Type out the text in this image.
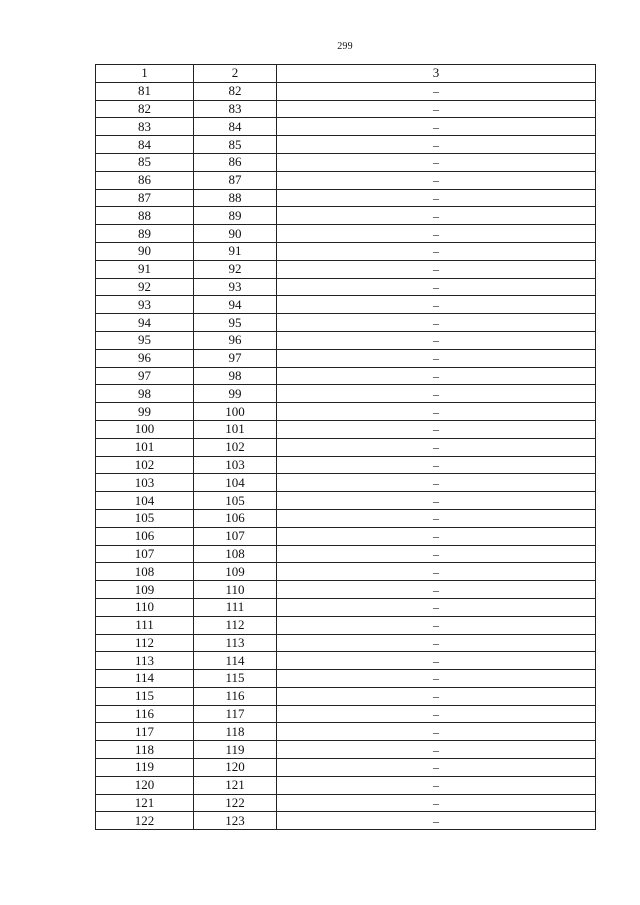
299
1	2	3
81	82	–
82	83	–
83	84	–
84	85	–
85	86	–
86	87	–
87	88	–
88	89	–
89	90	–
90	91	–
91	92	–
92	93	–
93	94	–
94	95	–
95	96	–
96	97	–
97	98	–
98	99	–
99	100	–
100	101	–
101	102	–
102	103	–
103	104	–
104	105	–
105	106	–
106	107	–
107	108	–
108	109	–
109	110	–
110	111	–
111	112	–
112	113	–
113	114	–
114	115	–
115	116	–
116	117	–
117	118	–
118	119	–
119	120	–
120	121	–
121	122	–
122	123	–
